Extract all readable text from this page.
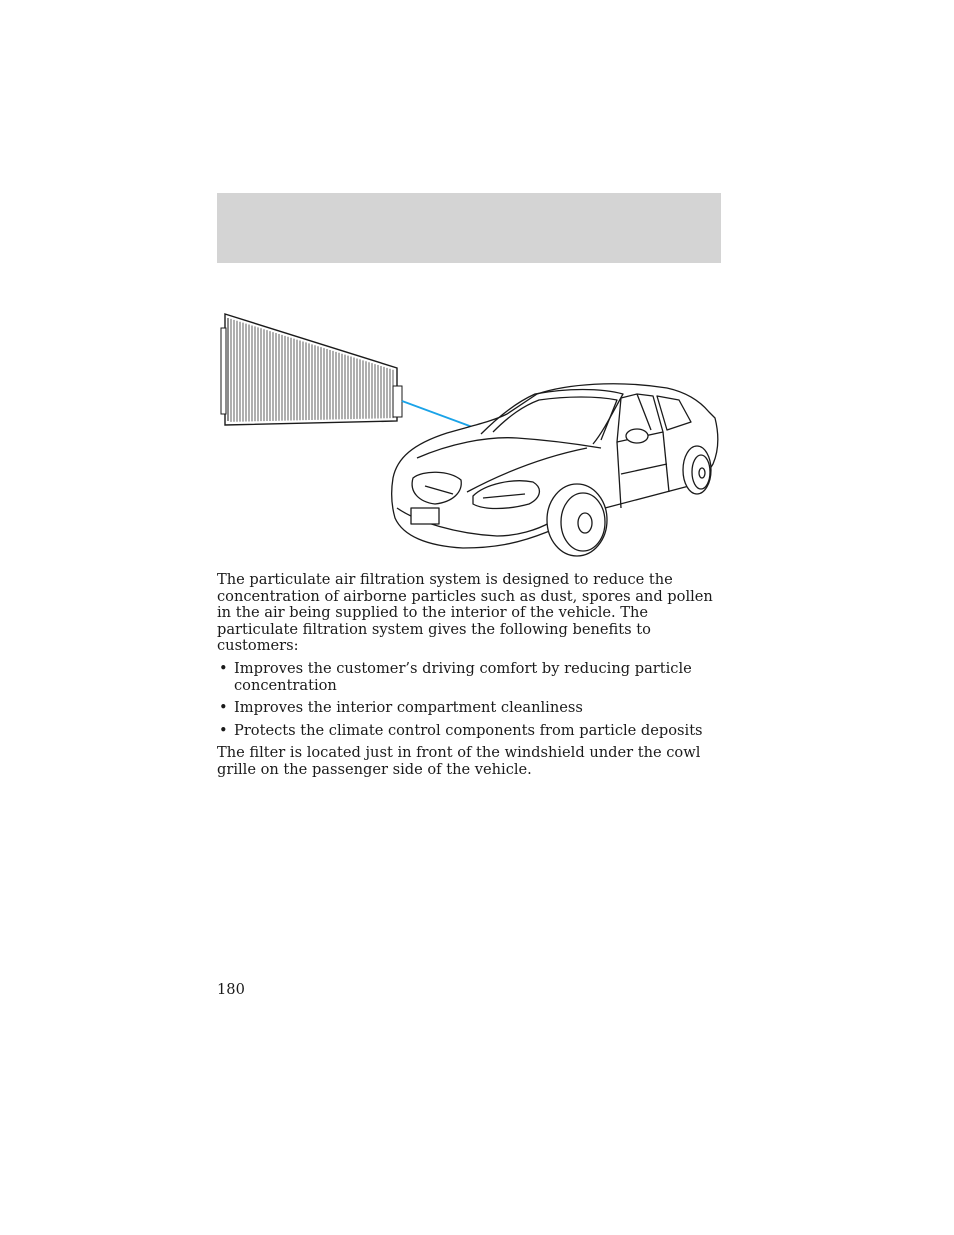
The particulate air filtration system is designed to reduce the concentration of airborne particles such as dust, spores and pollen in the air being supplied to the interior of the vehicle. The particulate filtration system gives the following benefits to customers:

• Improves the customer’s driving comfort by reducing particle concentration
• Improves the interior compartment cleanliness
• Protects the climate control components from particle deposits

The filter is located just in front of the windshield under the cowl grille on the passenger side of the vehicle.

180
